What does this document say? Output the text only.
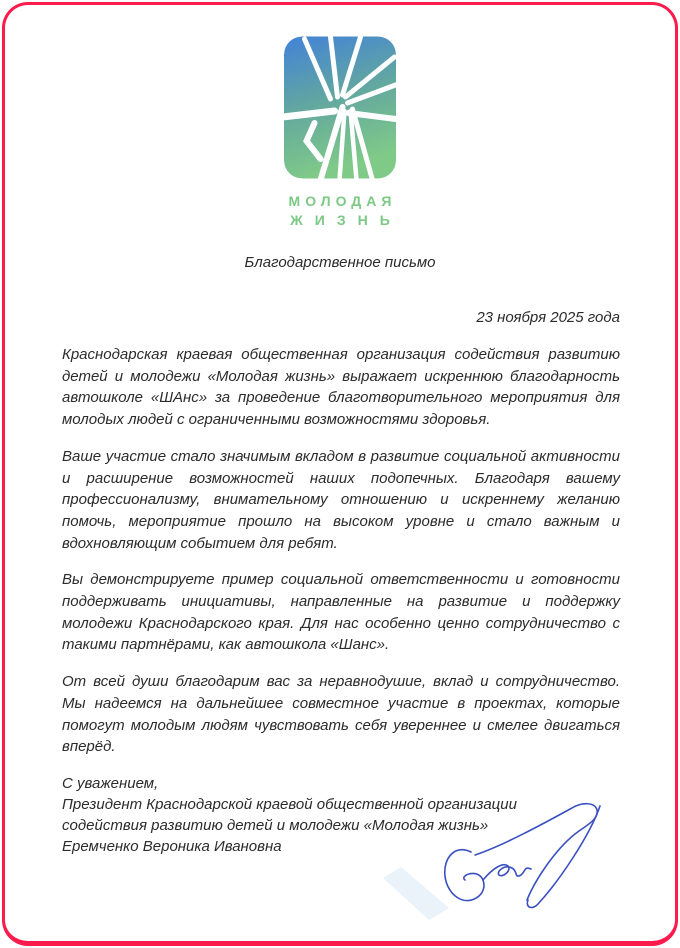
МОЛОДАЯ
ЖИЗНЬ
Благодарственное письмо
23 ноября 2025 года

Краснодарская краевая общественная организация содействия развитию детей и молодежи «Молодая жизнь» выражает искреннюю благодарность автошколе «ШАнс» за проведение благотворительного мероприятия для молодых людей с ограниченными возможностями здоровья.

Ваше участие стало значимым вкладом в развитие социальной активности и расширение возможностей наших подопечных. Благодаря вашему профессионализму, внимательному отношению и искреннему желанию помочь, мероприятие прошло на высоком уровне и стало важным и вдохновляющим событием для ребят.

Вы демонстрируете пример социальной ответственности и готовности поддерживать инициативы, направленные на развитие и поддержку молодежи Краснодарского края. Для нас особенно ценно сотрудничество с такими партнёрами, как автошкола «Шанс».

От всей души благодарим вас за неравнодушие, вклад и сотрудничество. Мы надеемся на дальнейшее совместное участие в проектах, которые помогут молодым людям чувствовать себя увереннее и смелее двигаться вперёд.

С уважением,
Президент Краснодарской краевой общественной организации
содействия развитию детей и молодежи «Молодая жизнь»
Еремченко Вероника Ивановна
